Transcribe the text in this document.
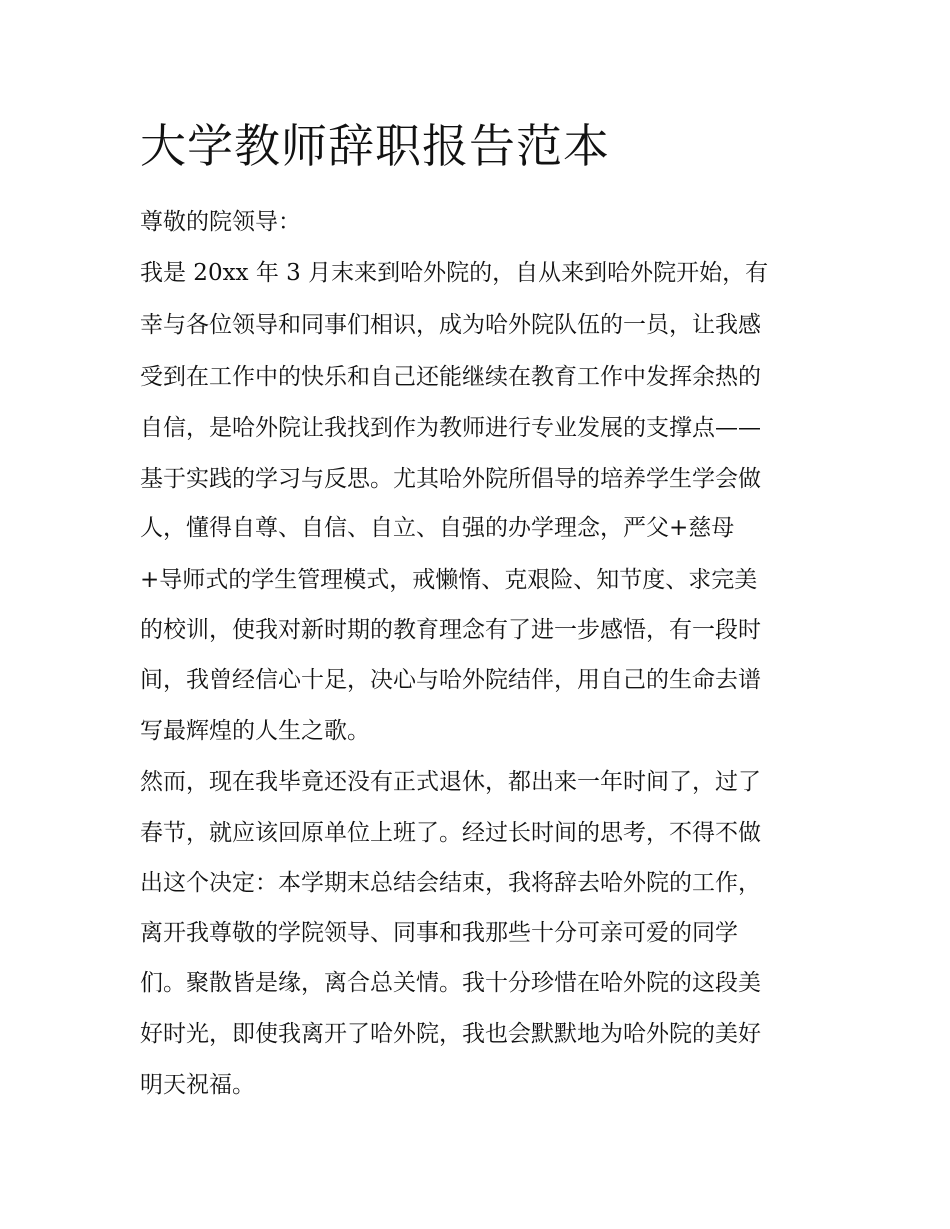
大学教师辞职报告范本
尊敬的院领导：
我是 20xx 年 3 月末来到哈外院的，自从来到哈外院开始，有
幸与各位领导和同事们相识，成为哈外院队伍的一员，让我感
受到在工作中的快乐和自己还能继续在教育工作中发挥余热的
自信，是哈外院让我找到作为教师进行专业发展的支撑点——
基于实践的学习与反思。尤其哈外院所倡导的培养学生学会做
人，懂得自尊、自信、自立、自强的办学理念，严父+慈母
+导师式的学生管理模式，戒懒惰、克艰险、知节度、求完美
的校训，使我对新时期的教育理念有了进一步感悟，有一段时
间，我曾经信心十足，决心与哈外院结伴，用自己的生命去谱
写最辉煌的人生之歌。
然而，现在我毕竟还没有正式退休，都出来一年时间了，过了
春节，就应该回原单位上班了。经过长时间的思考，不得不做
出这个决定：本学期末总结会结束，我将辞去哈外院的工作，
离开我尊敬的学院领导、同事和我那些十分可亲可爱的同学
们。聚散皆是缘，离合总关情。我十分珍惜在哈外院的这段美
好时光，即使我离开了哈外院，我也会默默地为哈外院的美好
明天祝福。
